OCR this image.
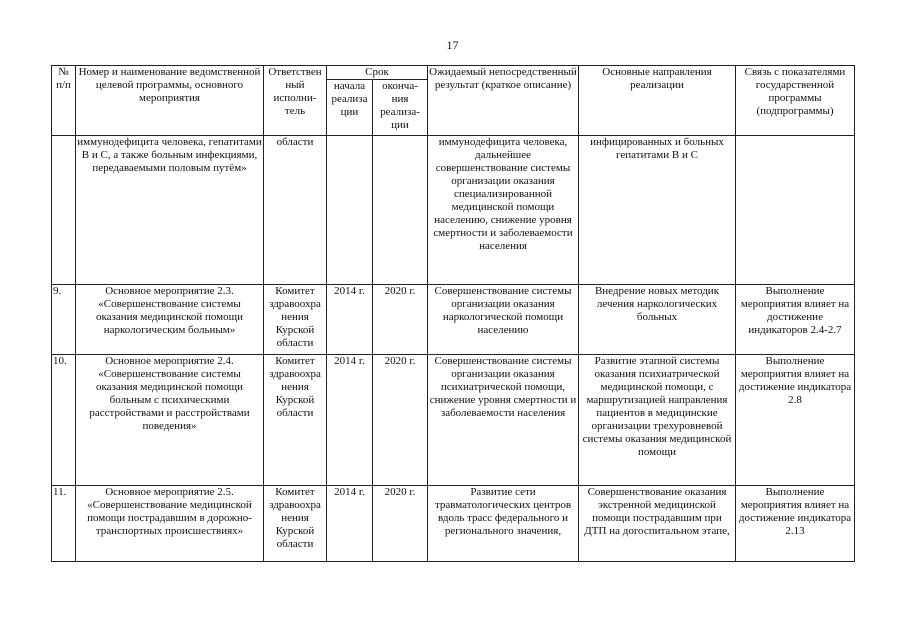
17
№ п/п	Номер и наименование ведомственной целевой программы, основного мероприятия	Ответствен ный исполни- тель	Срок		Ожидаемый непосредственный результат (краткое описание)	Основные направления реализации	Связь с показателями государственной программы (подпрограммы)
			начала реализа ции	оконча- ния реализа- ции			
	иммунодефицита человека, гепатитами В и С, а также больным инфекциями, передаваемыми половым путём»	области			иммунодефицита человека, дальнейшее совершенствование системы организации оказания специализированной медицинской помощи населению, снижение уровня смертности и заболеваемости населения	инфицированных и больных гепатитами В и С	
9.	Основное мероприятие 2.3. «Совершенствование системы оказания медицинской помощи наркологическим больным»	Комитет здравоохра нения Курской области	2014 г.	2020 г.	Совершенствование системы организации оказания наркологической помощи населению	Внедрение новых методик лечения наркологических больных	Выполнение мероприятия влияет на достижение индикаторов 2.4-2.7
10.	Основное мероприятие 2.4. «Совершенствование системы оказания медицинской помощи больным с психическими расстройствами и расстройствами поведения»	Комитет здравоохра нения Курской области	2014 г.	2020 г.	Совершенствование системы организации оказания психиатрической помощи, снижение уровня смертности и заболеваемости населения	Развитие этапной системы оказания психиатрической медицинской помощи, с маршрутизацией направления пациентов в медицинские организации трехуровневой системы оказания медицинской помощи	Выполнение мероприятия влияет на достижение индикатора 2.8
11.	Основное мероприятие 2.5. «Совершенствование медицинской помощи пострадавшим в дорожно-транспортных происшествиях»	Комитет здравоохра нения Курской области	2014 г.	2020 г.	Развитие сети травматологических центров вдоль трасс федерального и регионального значения,	Совершенствование оказания экстренной медицинской помощи пострадавшим при ДТП на догоспитальном этапе,	Выполнение мероприятия влияет на достижение индикатора 2.13
